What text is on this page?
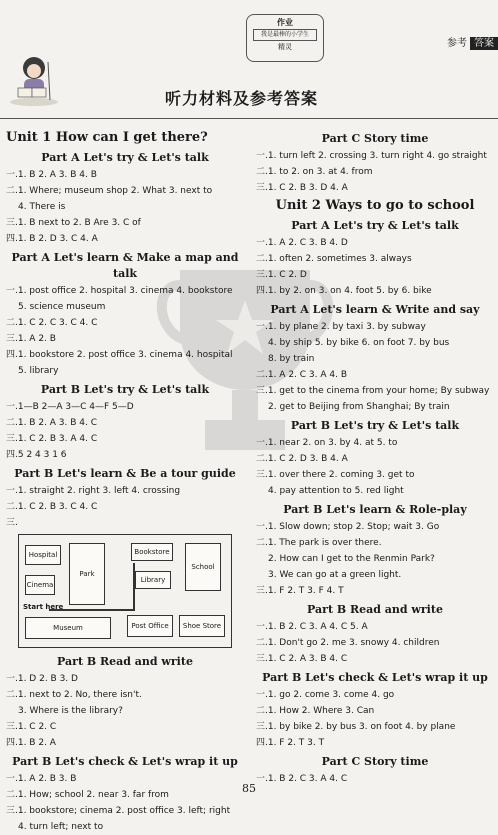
作业
我是最棒的小学生
精灵	参考 答案
听力材料及参考答案
Unit 1 How can I get there?
Part A Let's try & Let's talk
一.1. B 2. A 3. B 4. B
二.1. Where; museum shop 2. What 3. next to
4. There is
三.1. B next to 2. B Are 3. C of
四.1. B 2. D 3. C 4. A
Part A Let's learn & Make a map and talk
一.1. post office 2. hospital 3. cinema 4. bookstore
5. science museum
二.1. C 2. C 3. C 4. C
三.1. A 2. B
四.1. bookstore 2. post office 3. cinema 4. hospital
5. library
Part B Let's try & Let's talk
一.1—B 2—A 3—C 4—F 5—D
二.1. B 2. A 3. B 4. C
三.1. C 2. B 3. A 4. C
四.5 2 4 3 1 6
Part B Let's learn & Be a tour guide
一.1. straight 2. right 3. left 4. crossing
二.1. C 2. B 3. C 4. C
三.
Hospital
Park
Bookstore
School
Cinema
Library
Start here
Museum	Post Office	Shoe Store
Part B Read and write
一.1. D 2. B 3. D
二.1. next to 2. No, there isn't.
3. Where is the library?
三.1. C 2. C
四.1. B 2. A
Part B Let's check & Let's wrap it up
一.1. A 2. B 3. B
二.1. How; school 2. near 3. far from
三.1. bookstore; cinema 2. post office 3. left; right
4. turn left; next to
Part C Story time
一.1. turn left 2. crossing 3. turn right 4. go straight
二.1. to 2. on 3. at 4. from
三.1. C 2. B 3. D 4. A
Unit 2 Ways to go to school
Part A Let's try & Let's talk
一.1. A 2. C 3. B 4. D
二.1. often 2. sometimes 3. always
三.1. C 2. D
四.1. by 2. on 3. on 4. foot 5. by 6. bike
Part A Let's learn & Write and say
一.1. by plane 2. by taxi 3. by subway
4. by ship 5. by bike 6. on foot 7. by bus
8. by train
二.1. A 2. C 3. A 4. B
三.1. get to the cinema from your home; By subway
2. get to Beijing from Shanghai; By train
Part B Let's try & Let's talk
一.1. near 2. on 3. by 4. at 5. to
二.1. C 2. D 3. B 4. A
三.1. over there 2. coming 3. get to
4. pay attention to 5. red light
Part B Let's learn & Role-play
一.1. Slow down; stop 2. Stop; wait 3. Go
二.1. The park is over there.
2. How can I get to the Renmin Park?
3. We can go at a green light.
三.1. F 2. T 3. F 4. T
Part B Read and write
一.1. B 2. C 3. A 4. C 5. A
二.1. Don't go 2. me 3. snowy 4. children
三.1. C 2. A 3. B 4. C
Part B Let's check & Let's wrap it up
一.1. go 2. come 3. come 4. go
二.1. How 2. Where 3. Can
三.1. by bike 2. by bus 3. on foot 4. by plane
四.1. F 2. T 3. T
Part C Story time
一.1. B 2. C 3. A 4. C
85
